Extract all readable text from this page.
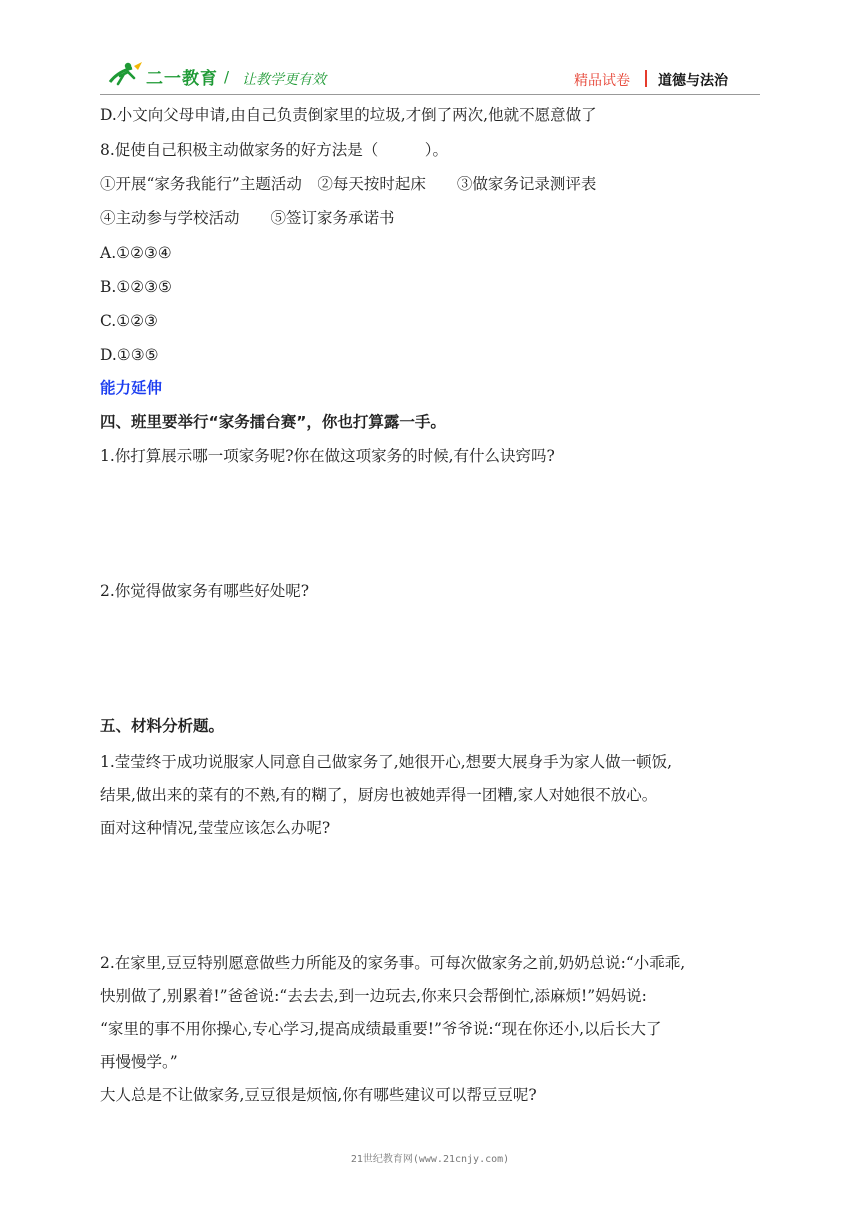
二一教育 / 让教学更有效	精品试卷 道德与法治
D.小文向父母申请,由自己负责倒家里的垃圾,才倒了两次,他就不愿意做了
8.促使自己积极主动做家务的好方法是（　　　）。
①开展“家务我能行”主题活动　②每天按时起床　　③做家务记录测评表
④主动参与学校活动　　⑤签订家务承诺书
A.①②③④
B.①②③⑤
C.①②③
D.①③⑤
能力延伸
四、班里要举行“家务擂台赛”，你也打算露一手。
1.你打算展示哪一项家务呢?你在做这项家务的时候,有什么诀窍吗?
2.你觉得做家务有哪些好处呢?
五、材料分析题。
1.莹莹终于成功说服家人同意自己做家务了,她很开心,想要大展身手为家人做一顿饭,
结果,做出来的菜有的不熟,有的糊了，厨房也被她弄得一团糟,家人对她很不放心。
面对这种情况,莹莹应该怎么办呢?
2.在家里,豆豆特别愿意做些力所能及的家务事。可每次做家务之前,奶奶总说:“小乖乖,
快别做了,别累着!”爸爸说:“去去去,到一边玩去,你来只会帮倒忙,添麻烦!”妈妈说:
“家里的事不用你操心,专心学习,提高成绩最重要!”爷爷说:“现在你还小,以后长大了
再慢慢学。”
大人总是不让做家务,豆豆很是烦恼,你有哪些建议可以帮豆豆呢?
21世纪教育网(www.21cnjy.com)
